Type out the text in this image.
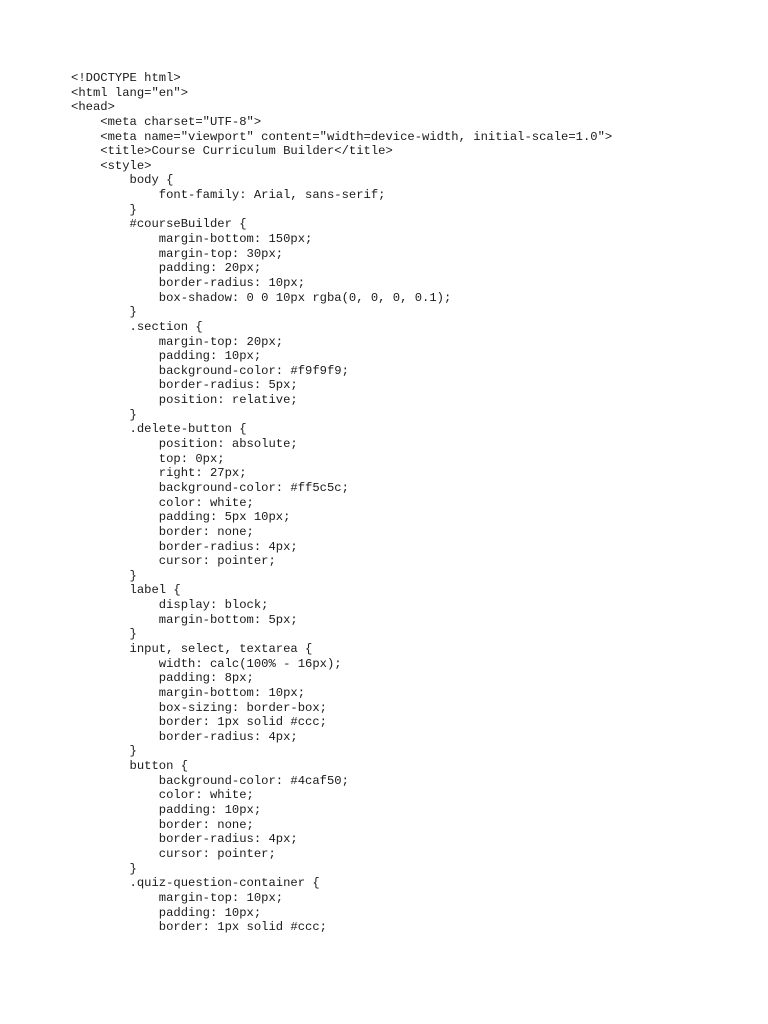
<!DOCTYPE html>
<html lang="en">
<head>
<meta charset="UTF-8">
<meta name="viewport" content="width=device-width, initial-scale=1.0">
<title>Course Curriculum Builder</title>
<style>
body {
font-family: Arial, sans-serif;
}
#courseBuilder {
margin-bottom: 150px;
margin-top: 30px;
padding: 20px;
border-radius: 10px;
box-shadow: 0 0 10px rgba(0, 0, 0, 0.1);
}
.section {
margin-top: 20px;
padding: 10px;
background-color: #f9f9f9;
border-radius: 5px;
position: relative;
}
.delete-button {
position: absolute;
top: 0px;
right: 27px;
background-color: #ff5c5c;
color: white;
padding: 5px 10px;
border: none;
border-radius: 4px;
cursor: pointer;
}
label {
display: block;
margin-bottom: 5px;
}
input, select, textarea {
width: calc(100% - 16px);
padding: 8px;
margin-bottom: 10px;
box-sizing: border-box;
border: 1px solid #ccc;
border-radius: 4px;
}
button {
background-color: #4caf50;
color: white;
padding: 10px;
border: none;
border-radius: 4px;
cursor: pointer;
}
.quiz-question-container {
margin-top: 10px;
padding: 10px;
border: 1px solid #ccc;
